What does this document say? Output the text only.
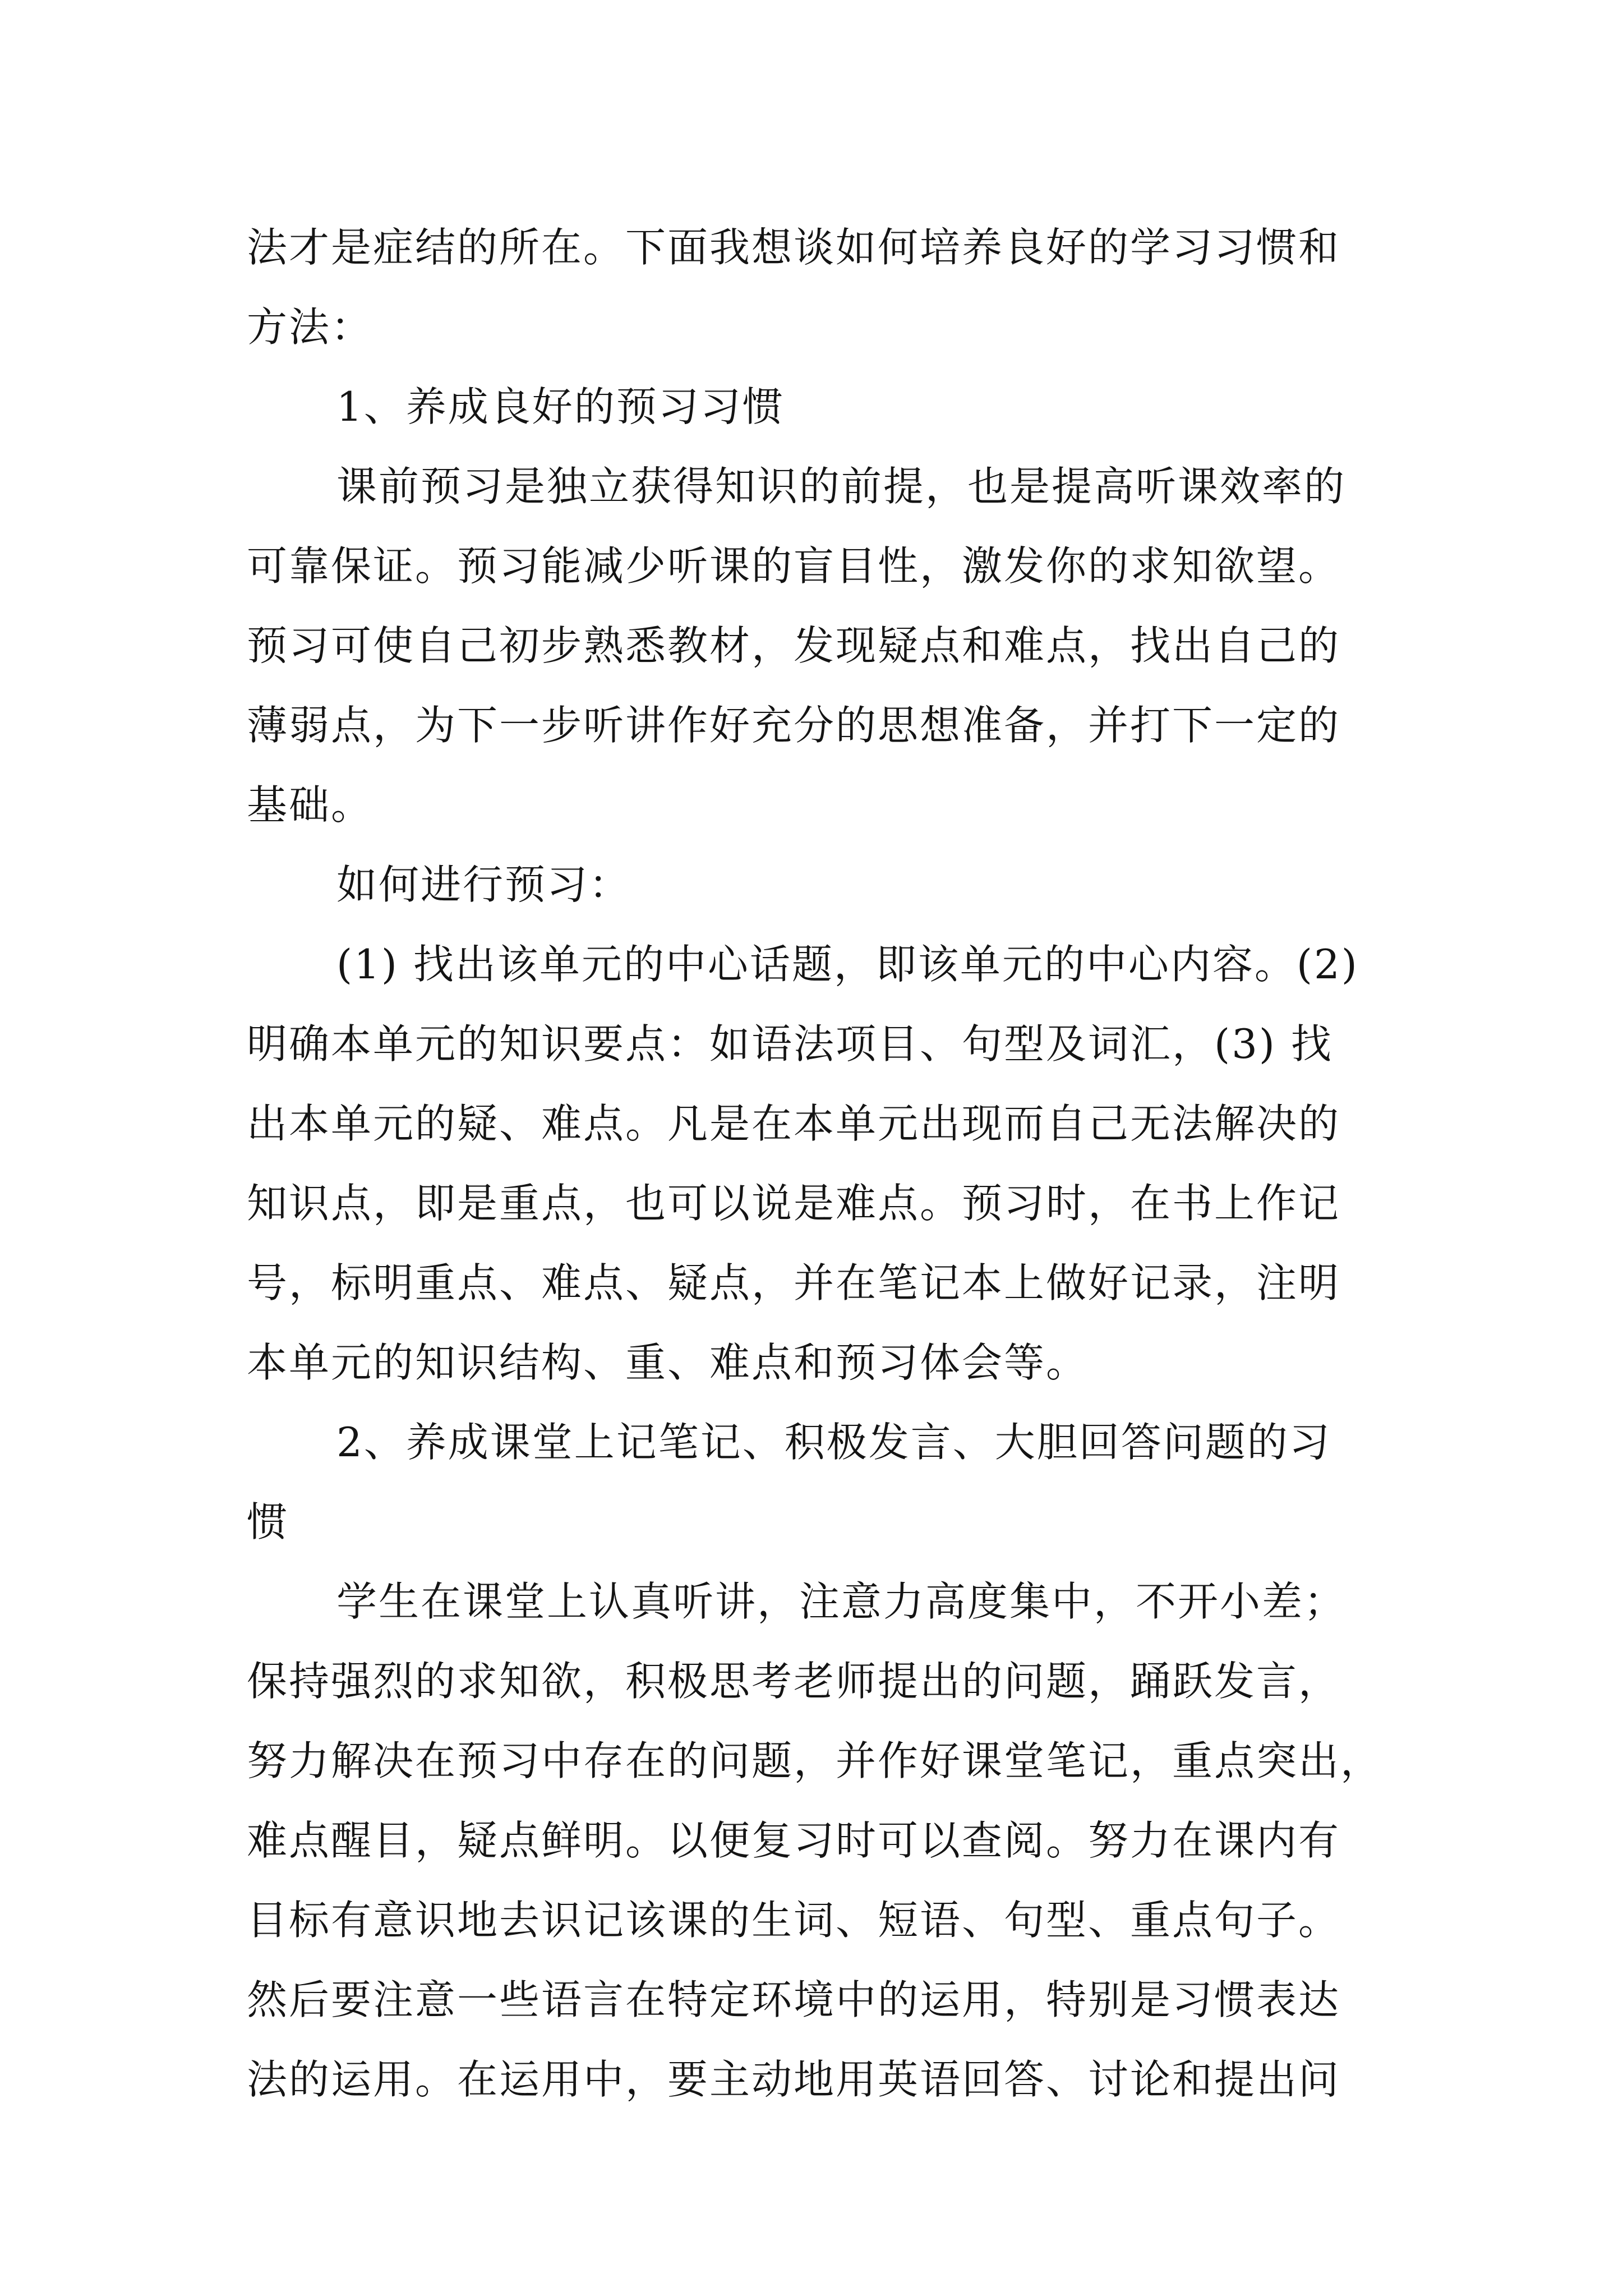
法才是症结的所在。下面我想谈如何培养良好的学习习惯和
方法：
1、养成良好的预习习惯
课前预习是独立获得知识的前提，也是提高听课效率的
可靠保证。预习能减少听课的盲目性，激发你的求知欲望。
预习可使自己初步熟悉教材，发现疑点和难点，找出自己的
薄弱点，为下一步听讲作好充分的思想准备，并打下一定的
基础。
如何进行预习：
(1) 找出该单元的中心话题，即该单元的中心内容。(2)
明确本单元的知识要点：如语法项目、句型及词汇，(3) 找
出本单元的疑、难点。凡是在本单元出现而自己无法解决的
知识点，即是重点，也可以说是难点。预习时，在书上作记
号，标明重点、难点、疑点，并在笔记本上做好记录，注明
本单元的知识结构、重、难点和预习体会等。
2、养成课堂上记笔记、积极发言、大胆回答问题的习
惯
学生在课堂上认真听讲，注意力高度集中，不开小差；
保持强烈的求知欲，积极思考老师提出的问题，踊跃发言，
努力解决在预习中存在的问题，并作好课堂笔记，重点突出，
难点醒目，疑点鲜明。以便复习时可以查阅。努力在课内有
目标有意识地去识记该课的生词、短语、句型、重点句子。
然后要注意一些语言在特定环境中的运用，特别是习惯表达
法的运用。在运用中，要主动地用英语回答、讨论和提出问
